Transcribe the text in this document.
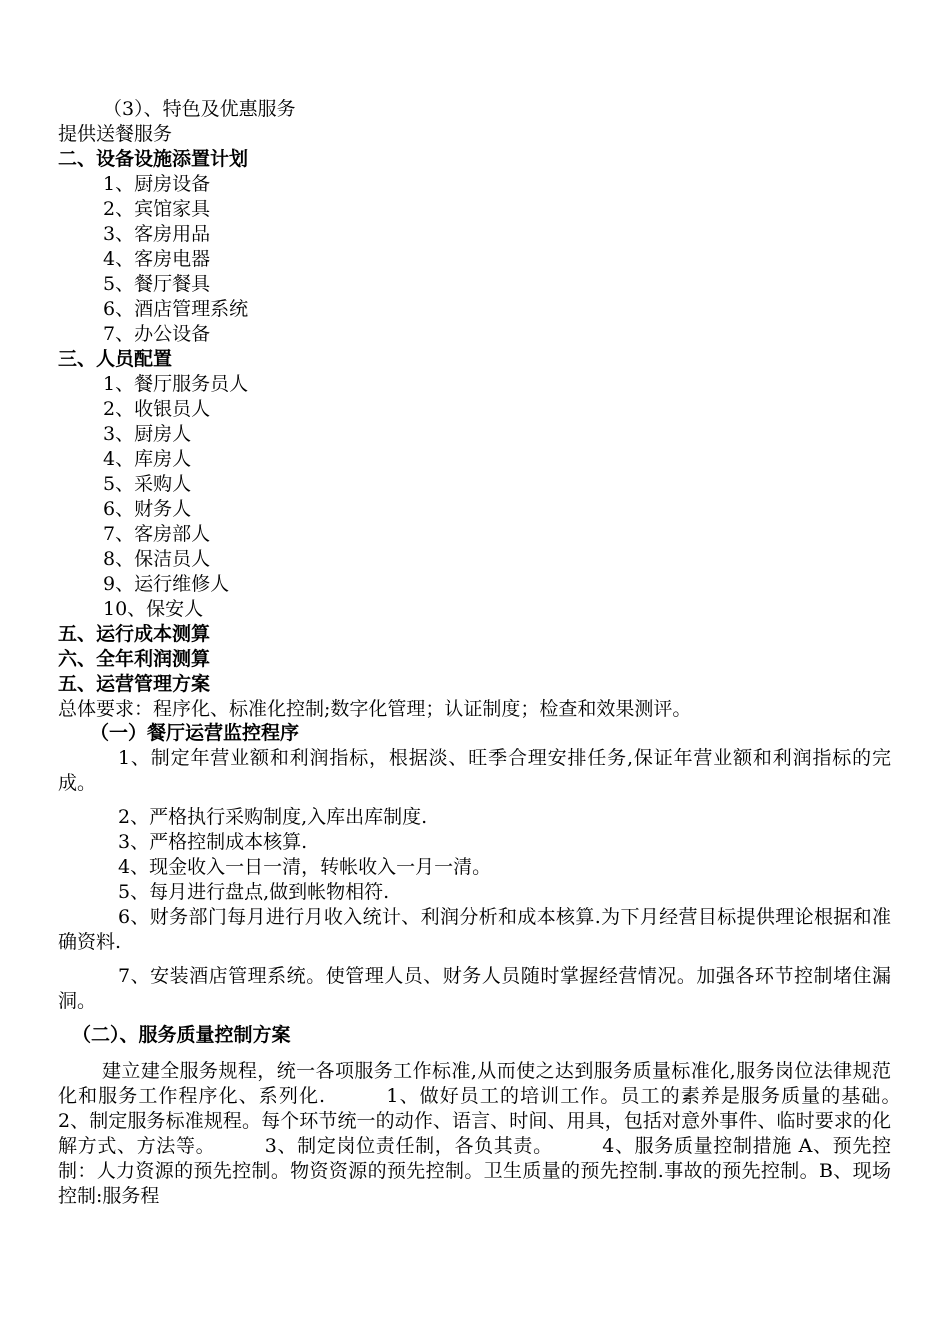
（3）、特色及优惠服务
提供送餐服务
二、设备设施添置计划
1、厨房设备
2、宾馆家具
3、客房用品
4、客房电器
5、餐厅餐具
6、酒店管理系统
7、办公设备
三、人员配置
1、餐厅服务员人
2、收银员人
3、厨房人
4、库房人
5、采购人
6、财务人
7、客房部人
8、保洁员人
9、运行维修人
10、保安人
五、运行成本测算
六、全年利润测算
五、运营管理方案
总体要求：程序化、标准化控制;数字化管理；认证制度；检查和效果测评。
（一）餐厅运营监控程序
1、制定年营业额和利润指标，根据淡、旺季合理安排任务,保证年营业额和利润指标的完成。
2、严格执行采购制度,入库出库制度.
3、严格控制成本核算.
4、现金收入一日一清，转帐收入一月一清。
5、每月进行盘点,做到帐物相符.
6、财务部门每月进行月收入统计、利润分析和成本核算.为下月经营目标提供理论根据和准确资料.
7、安装酒店管理系统。使管理人员、财务人员随时掌握经营情况。加强各环节控制堵住漏洞。
（二）、服务质量控制方案
建立建全服务规程，统一各项服务工作标准,从而使之达到服务质量标准化,服务岗位法律规范化和服务工作程序化、系列化.　　　1、做好员工的培训工作。员工的素养是服务质量的基础。　　　2、制定服务标准规程。每个环节统一的动作、语言、时间、用具，包括对意外事件、临时要求的化解方式、方法等。　　　3、制定岗位责任制，各负其责。　　　4、服务质量控制措施 A、预先控制：人力资源的预先控制。物资资源的预先控制。卫生质量的预先控制.事故的预先控制。B、现场控制:服务程
